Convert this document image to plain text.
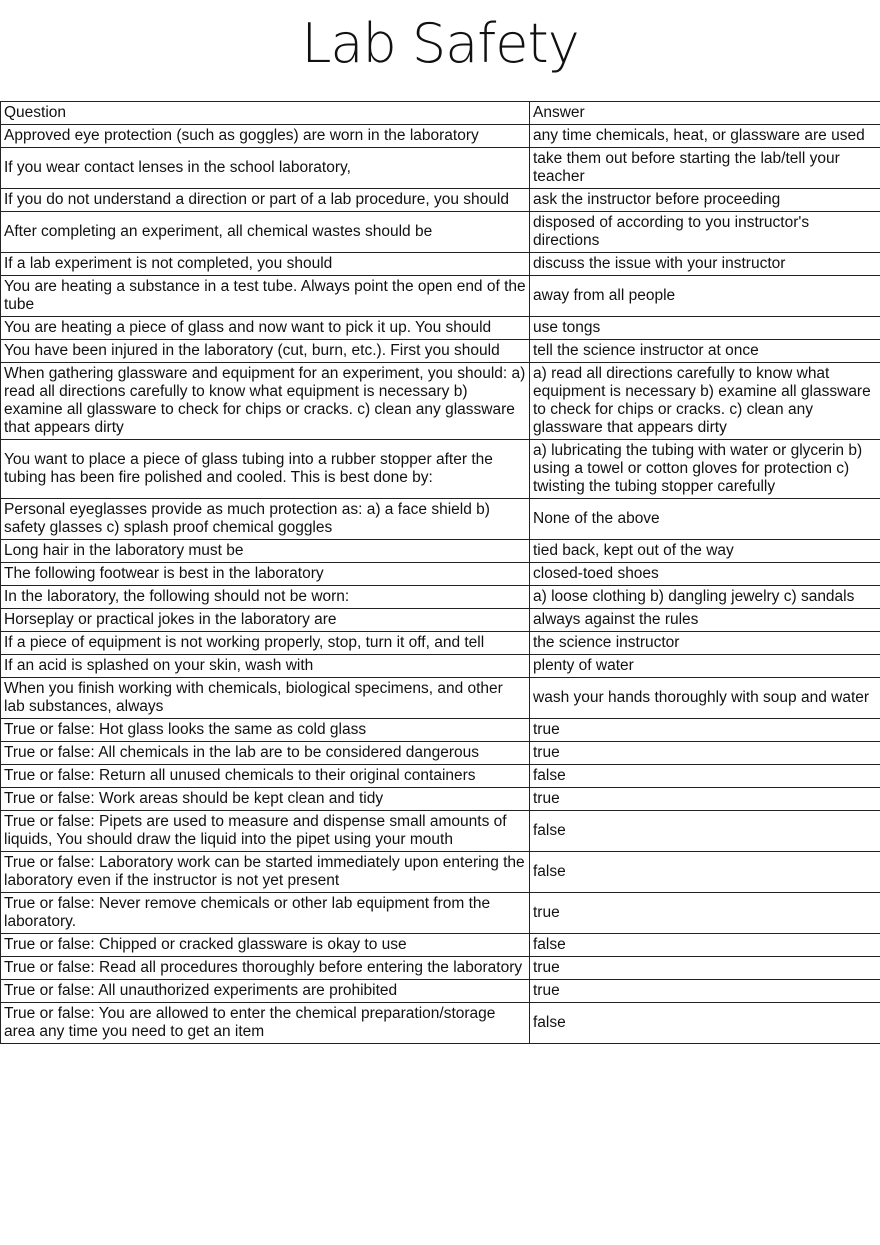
Lab Safety
Question	Answer
Approved eye protection (such as goggles) are worn in the laboratory	any time chemicals, heat, or glassware are used
If you wear contact lenses in the school laboratory,	take them out before starting the lab/tell your teacher
If you do not understand a direction or part of a lab procedure, you should	ask the instructor before proceeding
After completing an experiment, all chemical wastes should be	disposed of according to you instructor's directions
If a lab experiment is not completed, you should	discuss the issue with your instructor
You are heating a substance in a test tube. Always point the open end of the tube	away from all people
You are heating a piece of glass and now want to pick it up. You should	use tongs
You have been injured in the laboratory (cut, burn, etc.). First you should	tell the science instructor at once
When gathering glassware and equipment for an experiment, you should: a) read all directions carefully to know what equipment is necessary b) examine all glassware to check for chips or cracks. c) clean any glassware that appears dirty	a) read all directions carefully to know what equipment is necessary b) examine all glassware to check for chips or cracks. c) clean any glassware that appears dirty
You want to place a piece of glass tubing into a rubber stopper after the tubing has been fire polished and cooled. This is best done by:	a) lubricating the tubing with water or glycerin b) using a towel or cotton gloves for protection c) twisting the tubing stopper carefully
Personal eyeglasses provide as much protection as: a) a face shield b) safety glasses c) splash proof chemical goggles	None of the above
Long hair in the laboratory must be	tied back, kept out of the way
The following footwear is best in the laboratory	closed-toed shoes
In the laboratory, the following should not be worn:	a) loose clothing b) dangling jewelry c) sandals
Horseplay or practical jokes in the laboratory are	always against the rules
If a piece of equipment is not working properly, stop, turn it off, and tell	the science instructor
If an acid is splashed on your skin, wash with	plenty of water
When you finish working with chemicals, biological specimens, and other lab substances, always	wash your hands thoroughly with soup and water
True or false: Hot glass looks the same as cold glass	true
True or false: All chemicals in the lab are to be considered dangerous	true
True or false: Return all unused chemicals to their original containers	false
True or false: Work areas should be kept clean and tidy	true
True or false: Pipets are used to measure and dispense small amounts of liquids, You should draw the liquid into the pipet using your mouth	false
True or false: Laboratory work can be started immediately upon entering the laboratory even if the instructor is not yet present	false
True or false: Never remove chemicals or other lab equipment from the laboratory.	true
True or false: Chipped or cracked glassware is okay to use	false
True or false: Read all procedures thoroughly before entering the laboratory	true
True or false: All unauthorized experiments are prohibited	true
True or false: You are allowed to enter the chemical preparation/storage area any time you need to get an item	false
